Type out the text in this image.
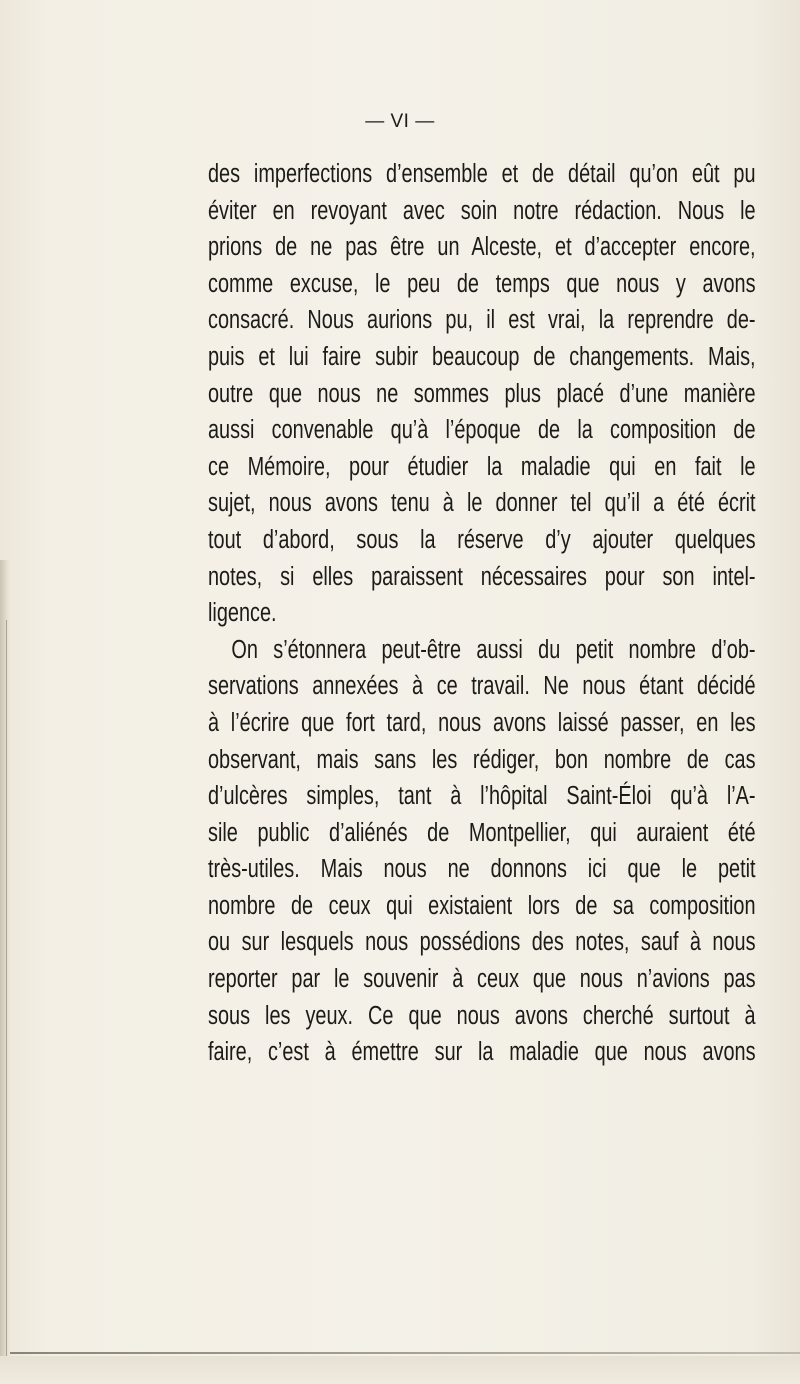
— VI —
des imperfections d’ensemble et de détail qu’on eût pu
éviter en revoyant avec soin notre rédaction. Nous le
prions de ne pas être un Alceste, et d’accepter encore,
comme excuse, le peu de temps que nous y avons
consacré. Nous aurions pu, il est vrai, la reprendre de-
puis et lui faire subir beaucoup de changements. Mais,
outre que nous ne sommes plus placé d’une manière
aussi convenable qu’à l’époque de la composition de
ce Mémoire, pour étudier la maladie qui en fait le
sujet, nous avons tenu à le donner tel qu’il a été écrit
tout d’abord, sous la réserve d’y ajouter quelques
notes, si elles paraissent nécessaires pour son intel-
ligence.
On s’étonnera peut-être aussi du petit nombre d’ob-
servations annexées à ce travail. Ne nous étant décidé
à l’écrire que fort tard, nous avons laissé passer, en les
observant, mais sans les rédiger, bon nombre de cas
d’ulcères simples, tant à l’hôpital Saint-Éloi qu’à l’A-
sile public d’aliénés de Montpellier, qui auraient été
très-utiles. Mais nous ne donnons ici que le petit
nombre de ceux qui existaient lors de sa composition
ou sur lesquels nous possédions des notes, sauf à nous
reporter par le souvenir à ceux que nous n’avions pas
sous les yeux. Ce que nous avons cherché surtout à
faire, c’est à émettre sur la maladie que nous avons
